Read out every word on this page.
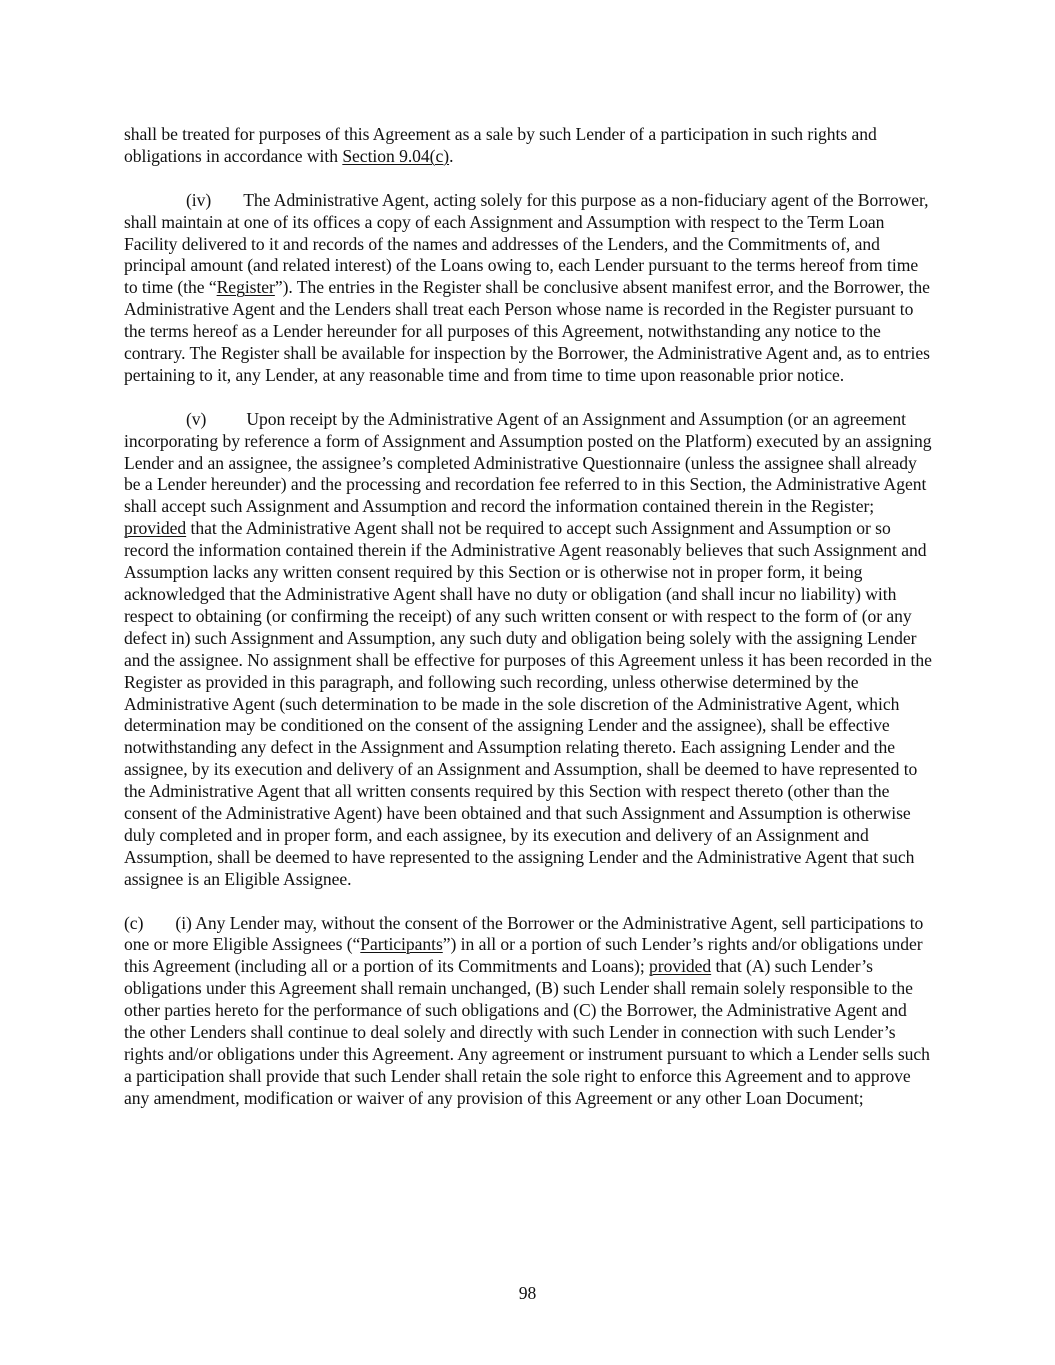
shall be treated for purposes of this Agreement as a sale by such Lender of a participation in such rights and obligations in accordance with Section 9.04(c).

(iv) The Administrative Agent, acting solely for this purpose as a non-fiduciary agent of the Borrower, shall maintain at one of its offices a copy of each Assignment and Assumption with respect to the Term Loan Facility delivered to it and records of the names and addresses of the Lenders, and the Commitments of, and principal amount (and related interest) of the Loans owing to, each Lender pursuant to the terms hereof from time to time (the “Register”). The entries in the Register shall be conclusive absent manifest error, and the Borrower, the Administrative Agent and the Lenders shall treat each Person whose name is recorded in the Register pursuant to the terms hereof as a Lender hereunder for all purposes of this Agreement, notwithstanding any notice to the contrary. The Register shall be available for inspection by the Borrower, the Administrative Agent and, as to entries pertaining to it, any Lender, at any reasonable time and from time to time upon reasonable prior notice.

(v) Upon receipt by the Administrative Agent of an Assignment and Assumption (or an agreement incorporating by reference a form of Assignment and Assumption posted on the Platform) executed by an assigning Lender and an assignee, the assignee’s completed Administrative Questionnaire (unless the assignee shall already be a Lender hereunder) and the processing and recordation fee referred to in this Section, the Administrative Agent shall accept such Assignment and Assumption and record the information contained therein in the Register; provided that the Administrative Agent shall not be required to accept such Assignment and Assumption or so record the information contained therein if the Administrative Agent reasonably believes that such Assignment and Assumption lacks any written consent required by this Section or is otherwise not in proper form, it being acknowledged that the Administrative Agent shall have no duty or obligation (and shall incur no liability) with respect to obtaining (or confirming the receipt) of any such written consent or with respect to the form of (or any defect in) such Assignment and Assumption, any such duty and obligation being solely with the assigning Lender and the assignee. No assignment shall be effective for purposes of this Agreement unless it has been recorded in the Register as provided in this paragraph, and following such recording, unless otherwise determined by the Administrative Agent (such determination to be made in the sole discretion of the Administrative Agent, which determination may be conditioned on the consent of the assigning Lender and the assignee), shall be effective notwithstanding any defect in the Assignment and Assumption relating thereto. Each assigning Lender and the assignee, by its execution and delivery of an Assignment and Assumption, shall be deemed to have represented to the Administrative Agent that all written consents required by this Section with respect thereto (other than the consent of the Administrative Agent) have been obtained and that such Assignment and Assumption is otherwise duly completed and in proper form, and each assignee, by its execution and delivery of an Assignment and Assumption, shall be deemed to have represented to the assigning Lender and the Administrative Agent that such assignee is an Eligible Assignee.

(c) (i) Any Lender may, without the consent of the Borrower or the Administrative Agent, sell participations to one or more Eligible Assignees (“Participants”) in all or a portion of such Lender’s rights and/or obligations under this Agreement (including all or a portion of its Commitments and Loans); provided that (A) such Lender’s obligations under this Agreement shall remain unchanged, (B) such Lender shall remain solely responsible to the other parties hereto for the performance of such obligations and (C) the Borrower, the Administrative Agent and the other Lenders shall continue to deal solely and directly with such Lender in connection with such Lender’s rights and/or obligations under this Agreement. Any agreement or instrument pursuant to which a Lender sells such a participation shall provide that such Lender shall retain the sole right to enforce this Agreement and to approve any amendment, modification or waiver of any provision of this Agreement or any other Loan Document;

98
